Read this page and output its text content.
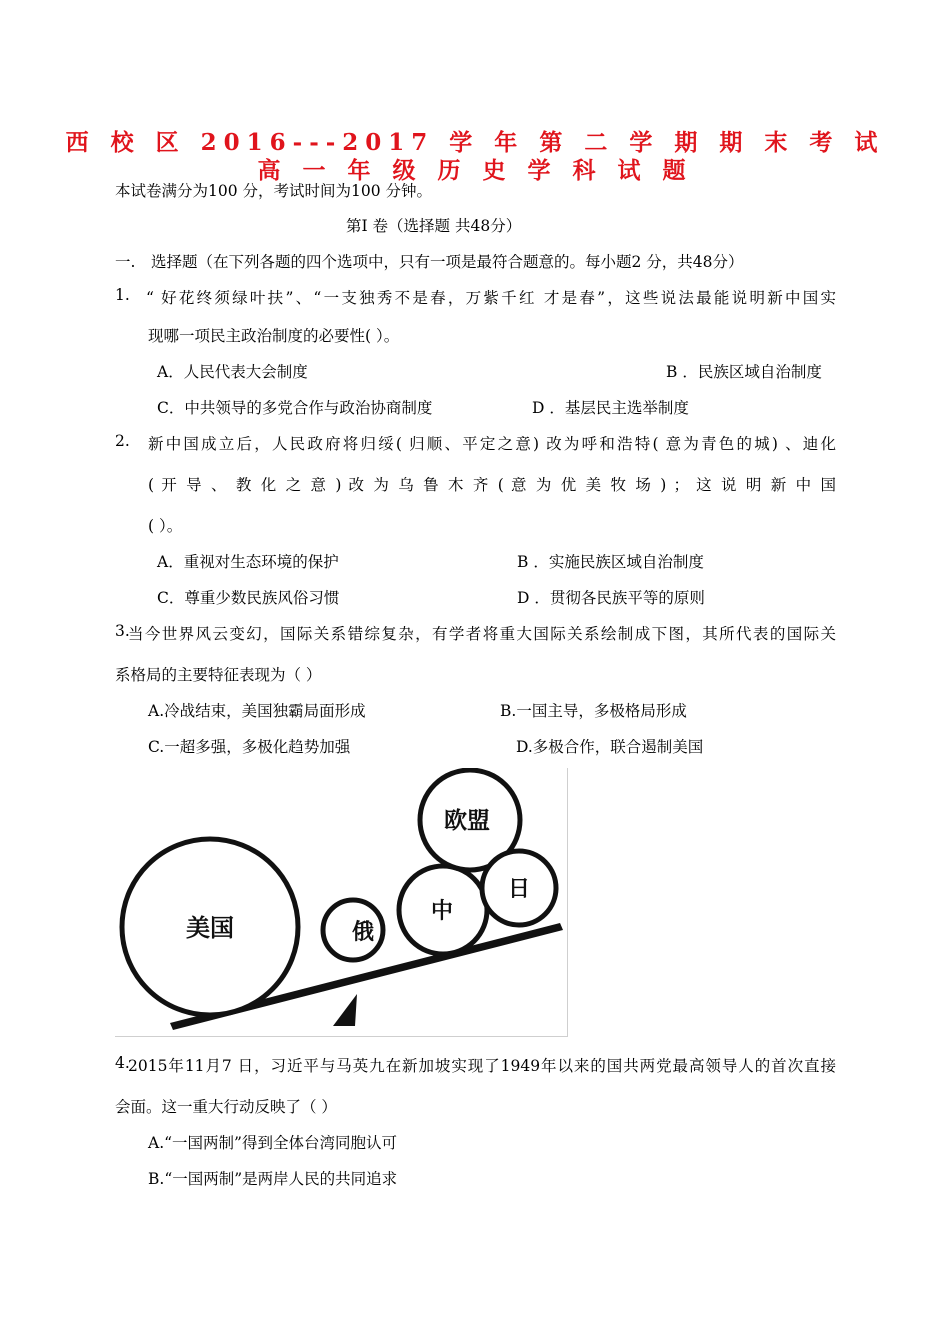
西 校 区 2016---2017 学 年 第 二 学 期 期 末 考 试
高 一 年 级 历 史 学 科 试 题
本试卷满分为100 分，考试时间为100 分钟。
第I 卷（选择题 共48分）
一. 选择题（在下列各题的四个选项中，只有一项是最符合题意的。每小题2 分，共48分）
1. “ 好花终须绿叶扶”、“一支独秀不是春，万紫千红 才是春”，这些说法最能说明新中国实
现哪一项民主政治制度的必要性( ）。
A．人民代表大会制度	B ．民族区域自治制度
C．中共领导的多党合作与政治协商制度	D ．基层民主选举制度
2. 新中国成立后，人民政府将归绥( 归顺、平定之意) 改为呼和浩特( 意为青色的城) 、迪化
( 开 导 、 教 化 之 意 ) 改 为 乌 鲁 木 齐 ( 意 为 优 美 牧 场 ) ； 这 说 明 新 中 国
( ）。
A．重视对生态环境的保护	B ．实施民族区域自治制度
C．尊重少数民族风俗习惯	D ．贯彻各民族平等的原则
3.
当今世界风云变幻，国际关系错综复杂，有学者将重大国际关系绘制成下图，其所代表的国际关
系格局的主要特征表现为（ ）
A.冷战结束，美国独霸局面形成	B.一国主导，多极格局形成
C.一超多强，多极化趋势加强	D.多极合作，联合遏制美国
美国	俄
中
欧盟
日
4.
2015年11月7 日，习近平与马英九在新加坡实现了1949年以来的国共两党最高领导人的首次直接
会面。这一重大行动反映了（ ）
A.“一国两制”得到全体台湾同胞认可
B.“一国两制”是两岸人民的共同追求
